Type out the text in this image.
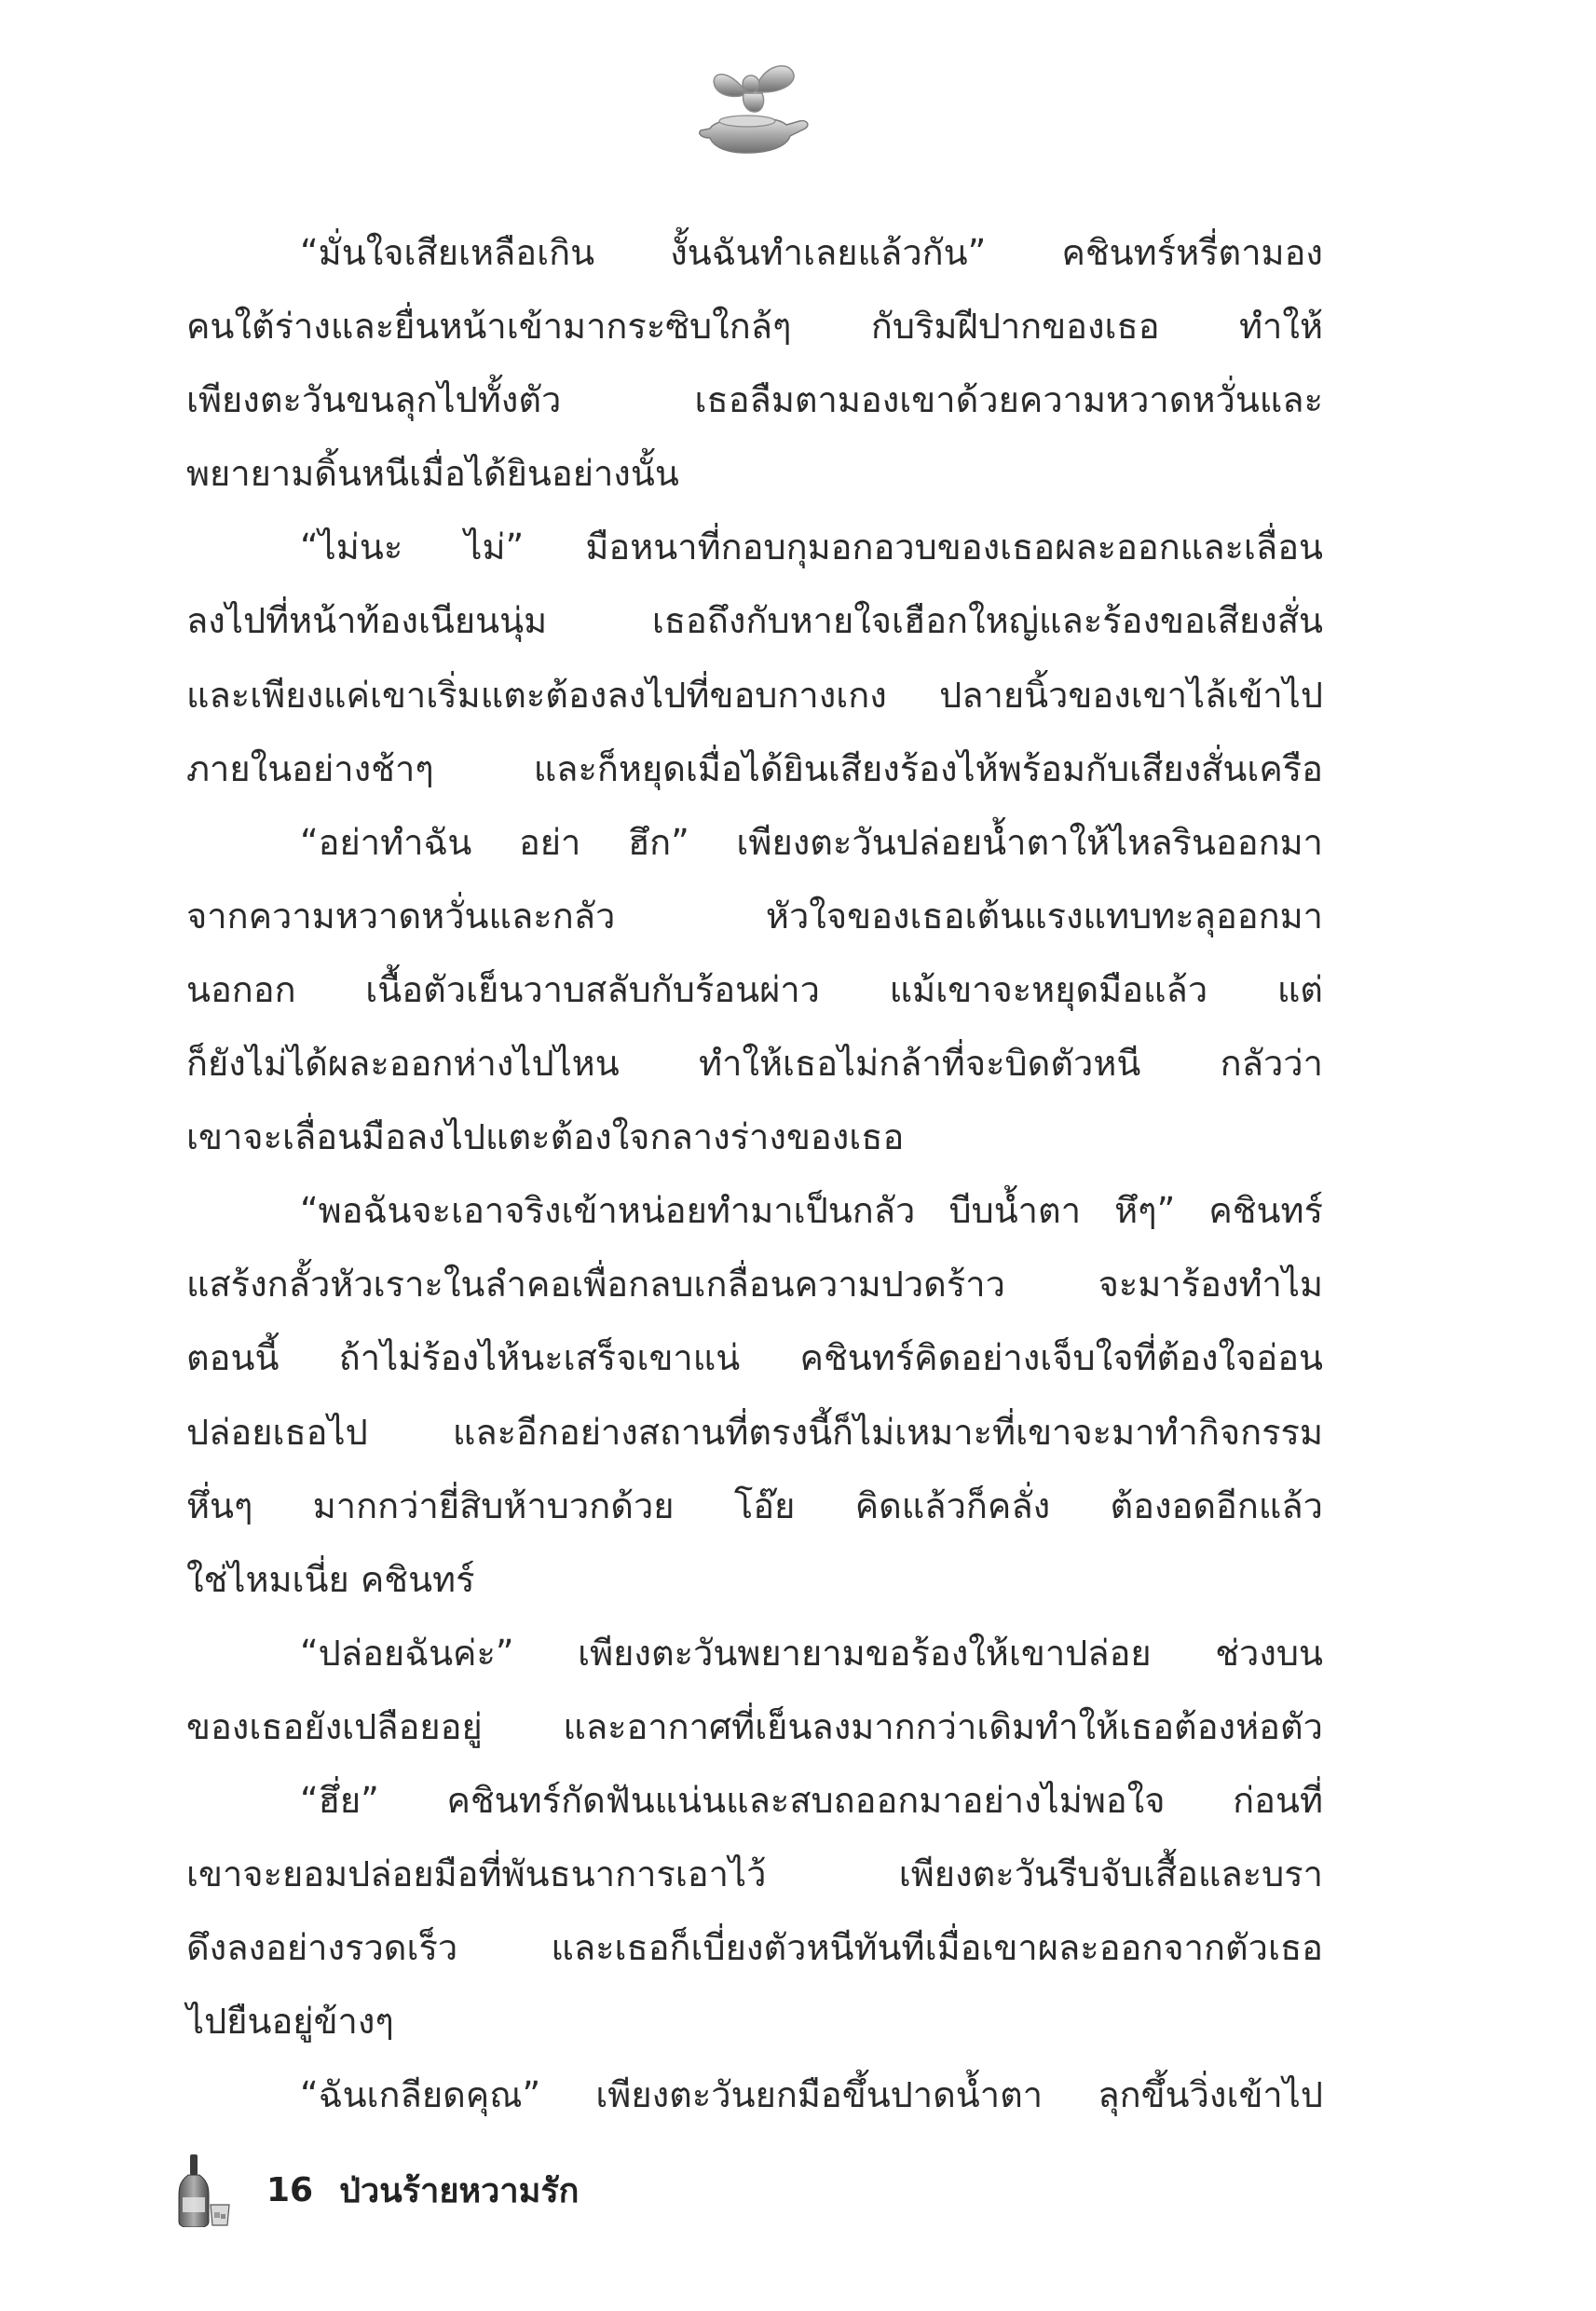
“มั่นใจเสียเหลือเกิน งั้นฉันทำเลยแล้วกัน” คชินทร์หรี่ตามอง
คนใต้ร่างและยื่นหน้าเข้ามากระซิบใกล้ๆ กับริมฝีปากของเธอ ทำให้
เพียงตะวันขนลุกไปทั้งตัว เธอลืมตามองเขาด้วยความหวาดหวั่นและ
พยายามดิ้นหนีเมื่อได้ยินอย่างนั้น
“ไม่นะ ไม่” มือหนาที่กอบกุมอกอวบของเธอผละออกและเลื่อน
ลงไปที่หน้าท้องเนียนนุ่ม เธอถึงกับหายใจเฮือกใหญ่และร้องขอเสียงสั่น
และเพียงแค่เขาเริ่มแตะต้องลงไปที่ขอบกางเกง ปลายนิ้วของเขาไล้เข้าไป
ภายในอย่างช้าๆ และก็หยุดเมื่อได้ยินเสียงร้องไห้พร้อมกับเสียงสั่นเครือ
“อย่าทำฉัน อย่า ฮึก” เพียงตะวันปล่อยน้ำตาให้ไหลรินออกมา
จากความหวาดหวั่นและกลัว หัวใจของเธอเต้นแรงแทบทะลุออกมา
นอกอก เนื้อตัวเย็นวาบสลับกับร้อนผ่าว แม้เขาจะหยุดมือแล้ว แต่
ก็ยังไม่ได้ผละออกห่างไปไหน ทำให้เธอไม่กล้าที่จะบิดตัวหนี กลัวว่า
เขาจะเลื่อนมือลงไปแตะต้องใจกลางร่างของเธอ
“พอฉันจะเอาจริงเข้าหน่อยทำมาเป็นกลัว บีบน้ำตา หึๆ” คชินทร์
แสร้งกลั้วหัวเราะในลำคอเพื่อกลบเกลื่อนความปวดร้าว จะมาร้องทำไม
ตอนนี้ ถ้าไม่ร้องไห้นะเสร็จเขาแน่ คชินทร์คิดอย่างเจ็บใจที่ต้องใจอ่อน
ปล่อยเธอไป และอีกอย่างสถานที่ตรงนี้ก็ไม่เหมาะที่เขาจะมาทำกิจกรรม
หึ่นๆ มากกว่ายี่สิบห้าบวกด้วย โอ๊ย คิดแล้วก็คลั่ง ต้องอดอีกแล้ว
ใช่ไหมเนี่ย คชินทร์
“ปล่อยฉันค่ะ” เพียงตะวันพยายามขอร้องให้เขาปล่อย ช่วงบน
ของเธอยังเปลือยอยู่ และอากาศที่เย็นลงมากกว่าเดิมทำให้เธอต้องห่อตัว
“ฮึ่ย” คชินทร์กัดฟันแน่นและสบถออกมาอย่างไม่พอใจ ก่อนที่
เขาจะยอมปล่อยมือที่พันธนาการเอาไว้ เพียงตะวันรีบจับเสื้อและบรา
ดึงลงอย่างรวดเร็ว และเธอก็เบี่ยงตัวหนีทันทีเมื่อเขาผละออกจากตัวเธอ
ไปยืนอยู่ข้างๆ
“ฉันเกลียดคุณ” เพียงตะวันยกมือขึ้นปาดน้ำตา ลุกขึ้นวิ่งเข้าไป
16 ป่วนร้ายหวามรัก
